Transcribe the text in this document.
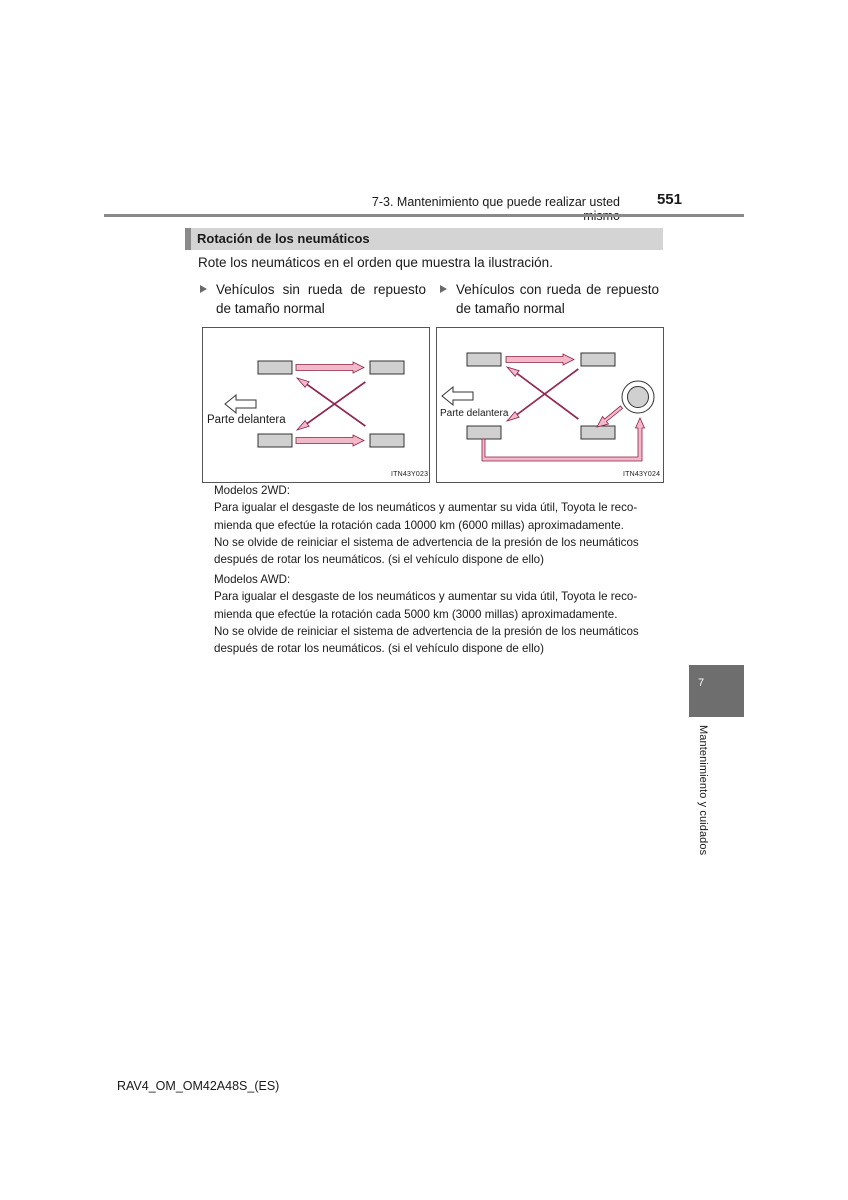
7-3. Mantenimiento que puede realizar usted	551
Rotación de los neumáticos
Rote los neumáticos en el orden que muestra la ilustración.
Vehículos sin rueda de repuesto
de tamaño normal
Vehículos con rueda de repuesto
de tamaño normal
Parte delantera
ITN43Y023
Parte delantera
ITN43Y024

Modelos 2WD:

Para igualar el desgaste de los neumáticos y aumentar su vida útil, Toyota le reco-

mienda que efectúe la rotación cada 10000 km (6000 millas) aproximadamente.

No se olvide de reiniciar el sistema de advertencia de la presión de los neumáticos

después de rotar los neumáticos. (si el vehículo dispone de ello)

Modelos AWD:

Para igualar el desgaste de los neumáticos y aumentar su vida útil, Toyota le reco-

mienda que efectúe la rotación cada 5000 km (3000 millas) aproximadamente.

No se olvide de reiniciar el sistema de advertencia de la presión de los neumáticos

después de rotar los neumáticos. (si el vehículo dispone de ello)

7
Mantenimiento y cuidados
RAV4_OM_OM42A48S_(ES)
